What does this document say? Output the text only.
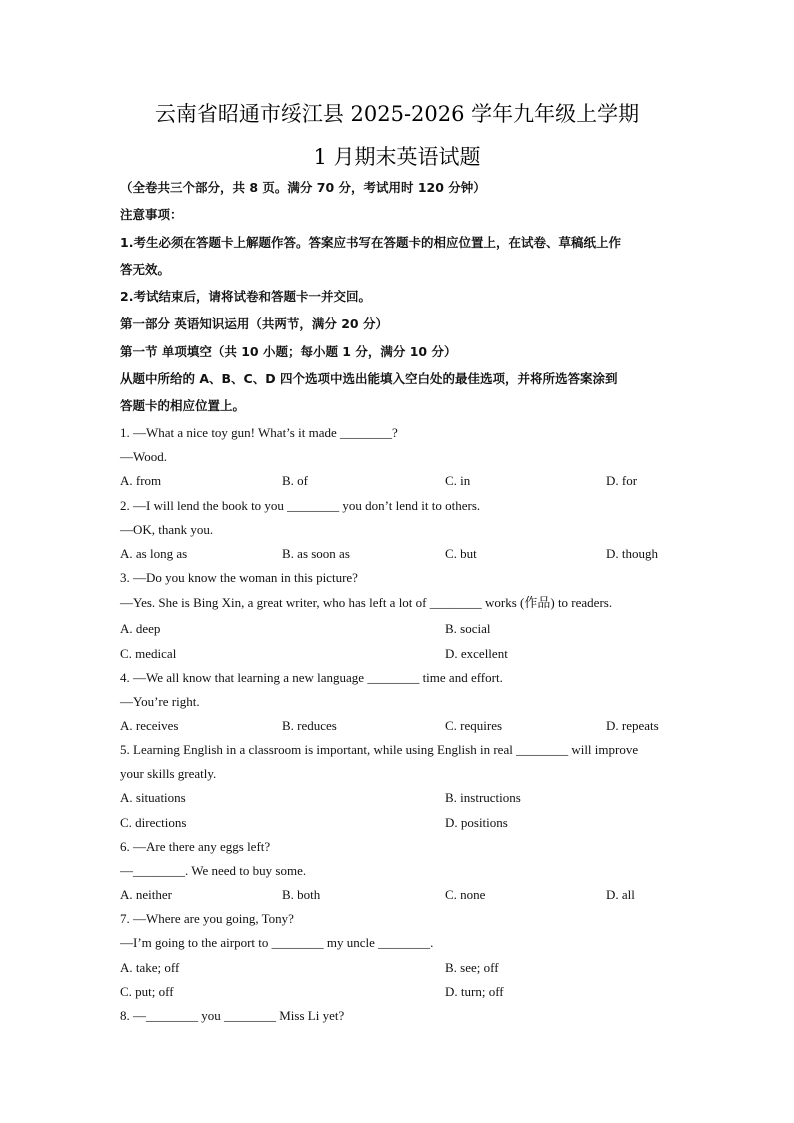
云南省昭通市绥江县 2025-2026 学年九年级上学期
1 月期末英语试题
（全卷共三个部分，共 8 页。满分 70 分，考试用时 120 分钟）
注意事项：
1.考生必须在答题卡上解题作答。答案应书写在答题卡的相应位置上，在试卷、草稿纸上作
答无效。
2.考试结束后，请将试卷和答题卡一并交回。
第一部分 英语知识运用（共两节，满分 20 分）
第一节 单项填空（共 10 小题；每小题 1 分，满分 10 分）
从题中所给的 A、B、C、D 四个选项中选出能填入空白处的最佳选项，并将所选答案涂到
答题卡的相应位置上。
1. —What a nice toy gun! What’s it made ________?
—Wood.
A. from	B. of	C. in	D. for
2. —I will lend the book to you ________ you don’t lend it to others.
—OK, thank you.
A. as long as	B. as soon as	C. but	D. though
3. —Do you know the woman in this picture?
—Yes. She is Bing Xin, a great writer, who has left a lot of ________ works (作品) to readers.
A. deep	B. social
C. medical	D. excellent
4. —We all know that learning a new language ________ time and effort.
—You’re right.
A. receives	B. reduces	C. requires	D. repeats
5. Learning English in a classroom is important, while using English in real ________ will improve
your skills greatly.
A. situations	B. instructions
C. directions	D. positions
6. —Are there any eggs left?
—________. We need to buy some.
A. neither	B. both	C. none	D. all
7. —Where are you going, Tony?
—I’m going to the airport to ________ my uncle ________.
A. take; off	B. see; off
C. put; off	D. turn; off
8. —________ you ________ Miss Li yet?
